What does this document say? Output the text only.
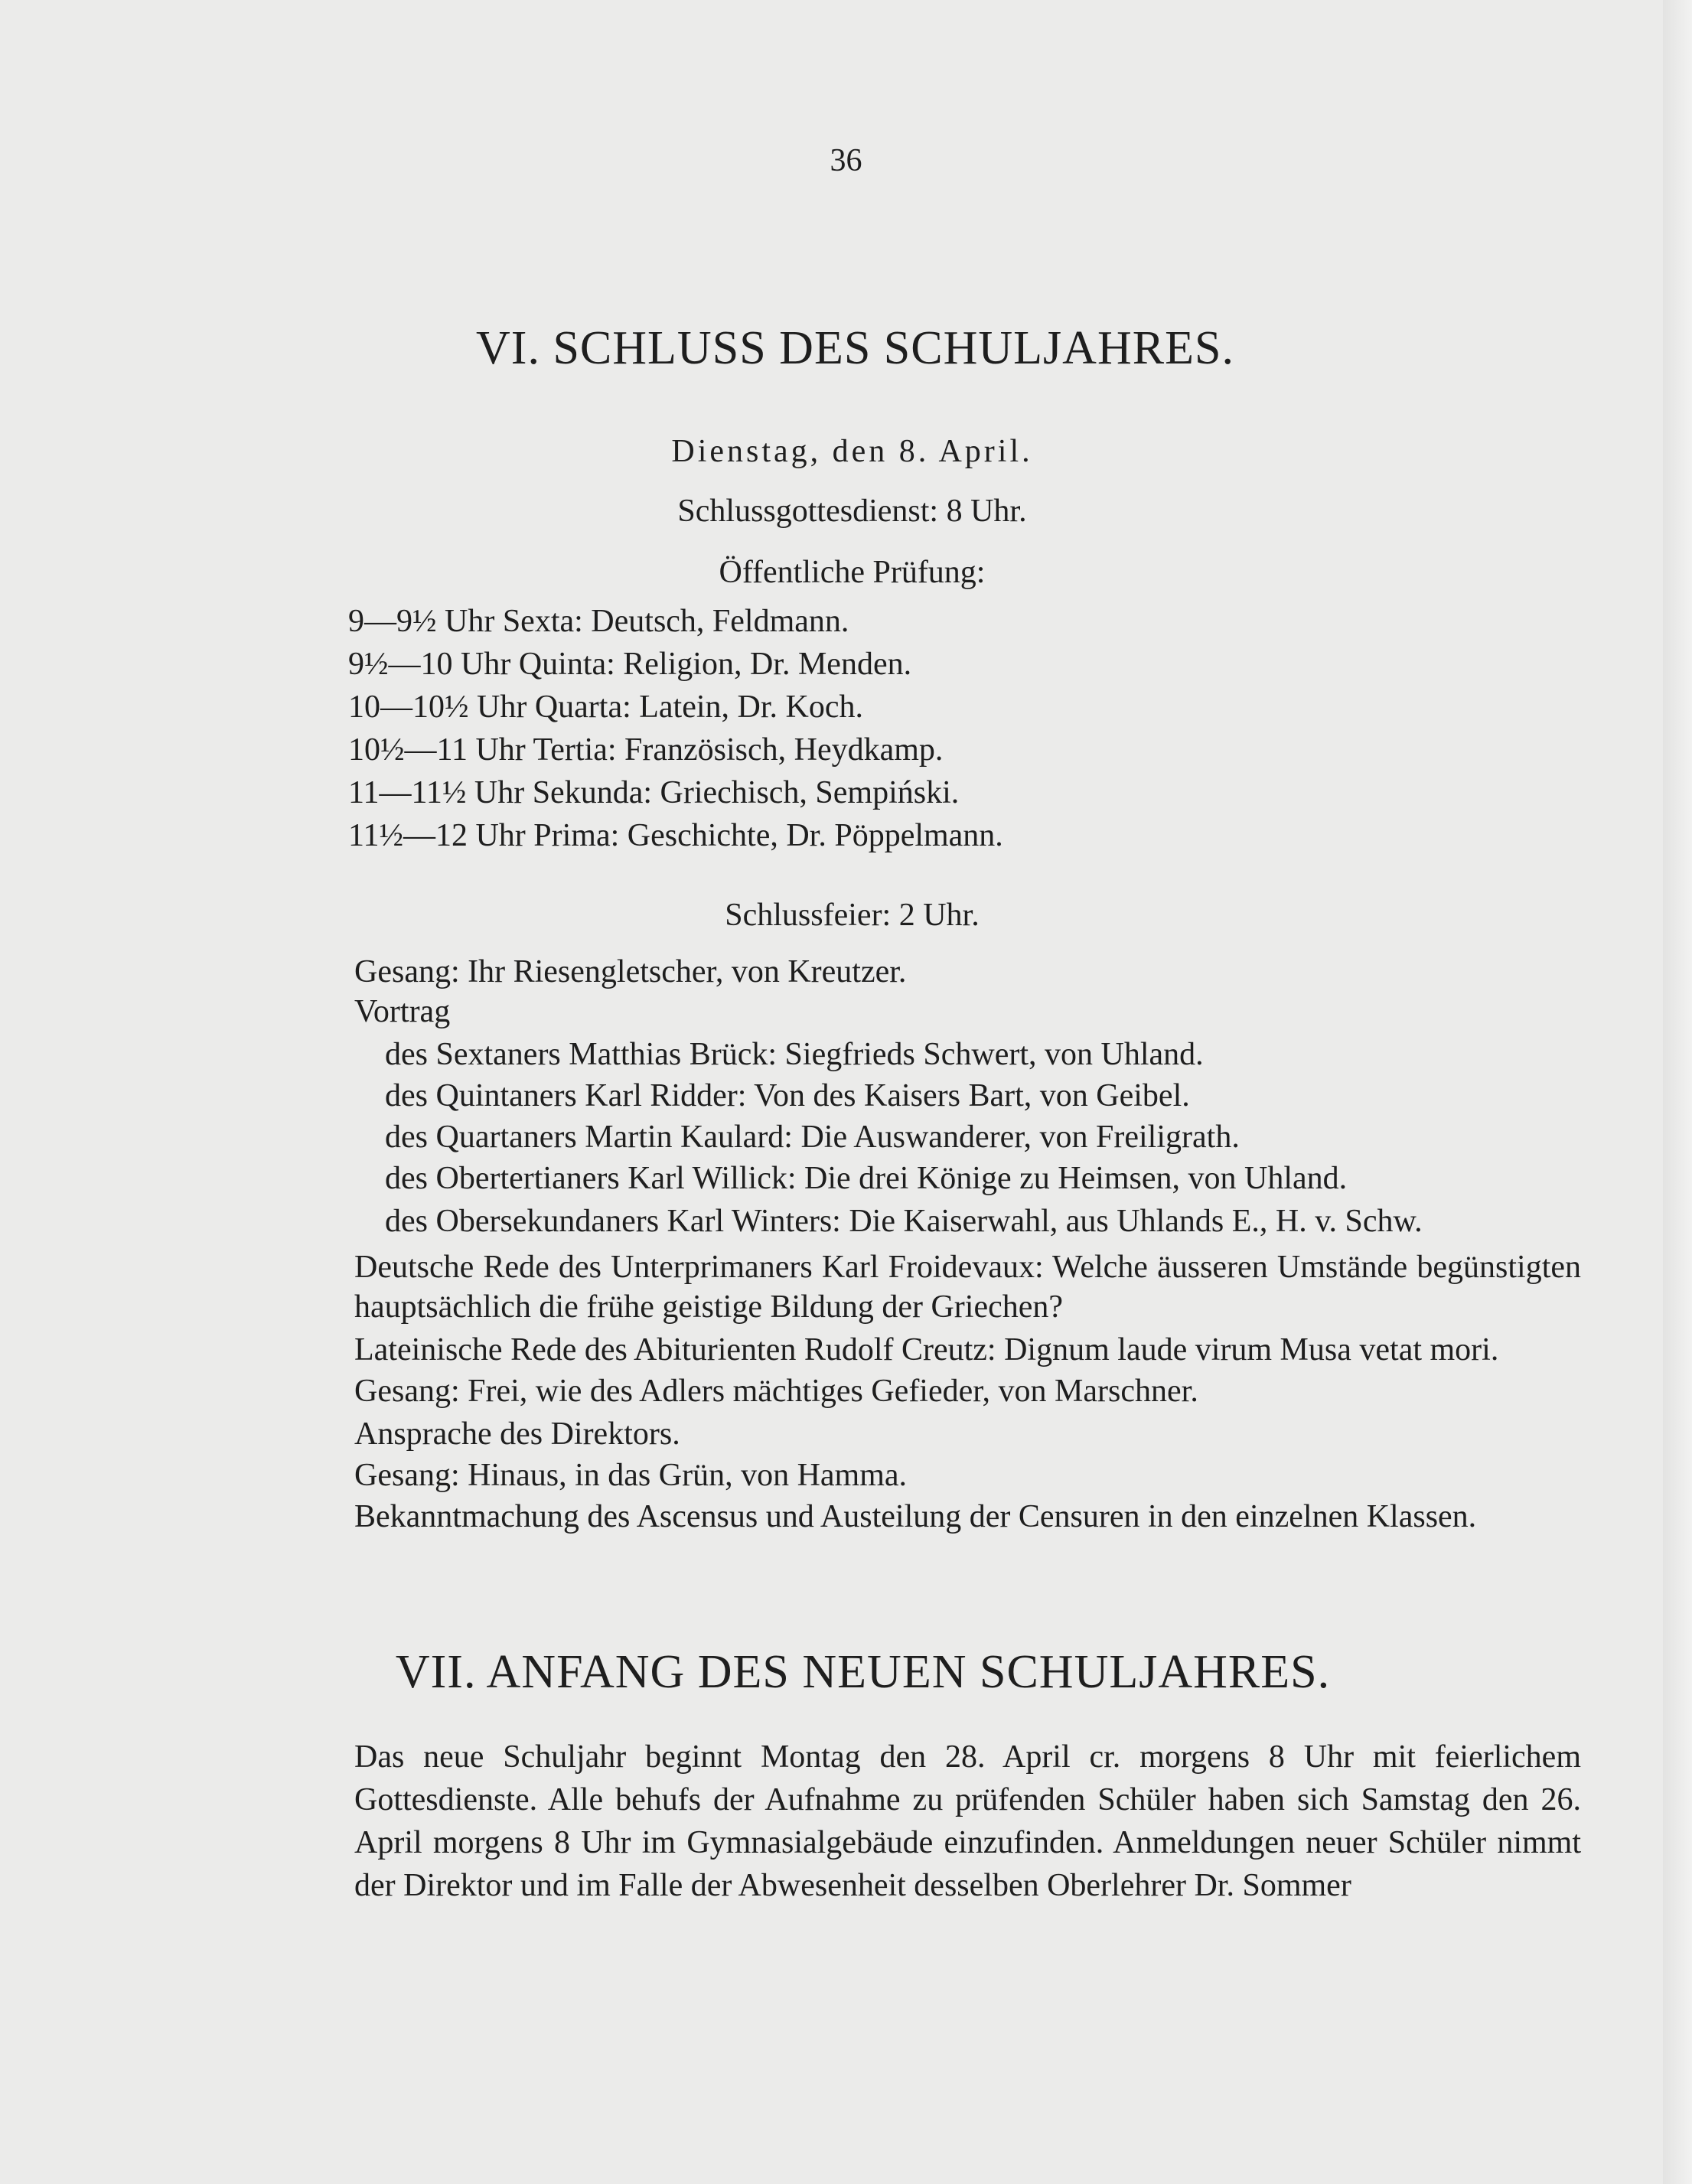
36
VI. SCHLUSS DES SCHULJAHRES.
Dienstag, den 8. April.
Schlussgottesdienst: 8 Uhr.
Öffentliche Prüfung:
9—9½ Uhr Sexta: Deutsch, Feldmann.
9½—10 Uhr Quinta: Religion, Dr. Menden.
10—10½ Uhr Quarta: Latein, Dr. Koch.
10½—11 Uhr Tertia: Französisch, Heydkamp.
11—11½ Uhr Sekunda: Griechisch, Sempiński.
11½—12 Uhr Prima: Geschichte, Dr. Pöppelmann.
Schlussfeier: 2 Uhr.
Gesang: Ihr Riesengletscher, von Kreutzer.
Vortrag
des Sextaners Matthias Brück: Siegfrieds Schwert, von Uhland.
des Quintaners Karl Ridder: Von des Kaisers Bart, von Geibel.
des Quartaners Martin Kaulard: Die Auswanderer, von Freiligrath.
des Obertertianers Karl Willick: Die drei Könige zu Heimsen, von Uhland.
des Obersekundaners Karl Winters: Die Kaiserwahl, aus Uhlands E., H. v. Schw.
Deutsche Rede des Unterprimaners Karl Froidevaux: Welche äusseren Umstände begünstigten hauptsächlich die frühe geistige Bildung der Griechen?
Lateinische Rede des Abiturienten Rudolf Creutz: Dignum laude virum Musa vetat mori.
Gesang: Frei, wie des Adlers mächtiges Gefieder, von Marschner.
Ansprache des Direktors.
Gesang: Hinaus, in das Grün, von Hamma.
Bekanntmachung des Ascensus und Austeilung der Censuren in den einzelnen Klassen.
VII. ANFANG DES NEUEN SCHULJAHRES.
Das neue Schuljahr beginnt Montag den 28. April cr. morgens 8 Uhr mit feierlichem Gottesdienste. Alle behufs der Aufnahme zu prüfenden Schüler haben sich Samstag den 26. April morgens 8 Uhr im Gymnasialgebäude einzufinden. Anmeldungen neuer Schüler nimmt der Direktor und im Falle der Abwesenheit desselben Oberlehrer Dr. Sommer
